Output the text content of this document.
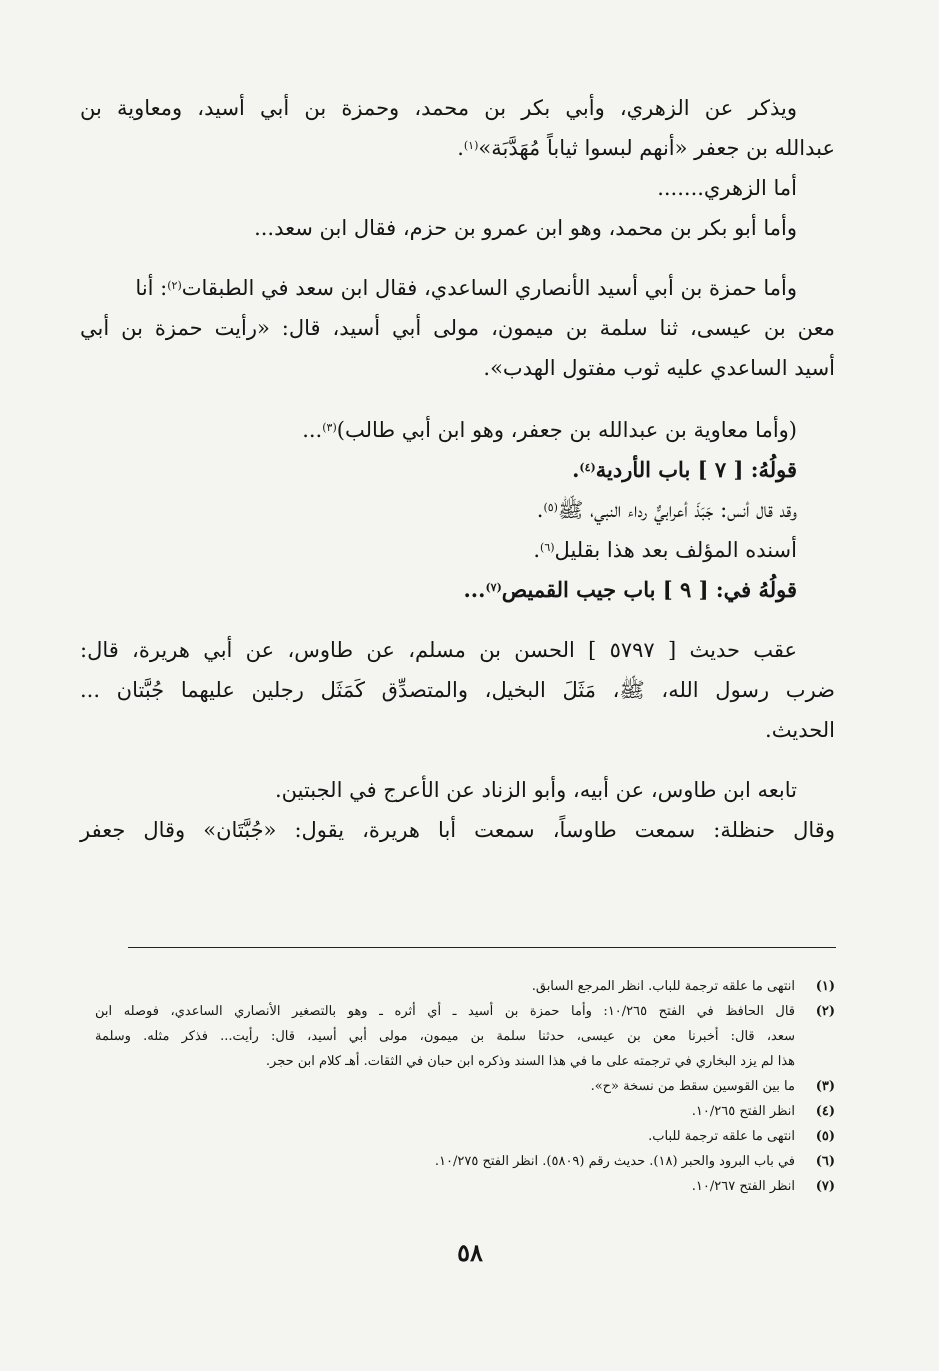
ويذكر عن الزهري، وأبي بكر بن محمد، وحمزة بن أبي أسيد، ومعاوية بن
عبدالله بن جعفر «أنهم لبسوا ثياباً مُهَدَّبَة»$^{(١)}$.
أما الزهري.......
وأما أبو بكر بن محمد، وهو ابن عمرو بن حزم، فقال ابن سعد...
وأما حمزة بن أبي أسيد الأنصاري الساعدي، فقال ابن سعد في الطبقات$^{(٢)}$: أنا
معن بن عيسى، ثنا سلمة بن ميمون، مولى أبي أسيد، قال: «رأيت حمزة بن أبي
أسيد الساعدي عليه ثوب مفتول الهدب».
(وأما معاوية بن عبدالله بن جعفر، وهو ابن أبي طالب)$^{(٣)}$...
قولُهُ: [ ٧ ] باب الأردية$^{(٤)}$.
وقد قال أنس: جَبَذَ أعرابيٌّ رداء النبي، ﷺ$^{(٥)}$.
أسنده المؤلف بعد هذا بقليل$^{(٦)}$.
قولُهُ في: [ ٩ ] باب جيب القميص$^{(٧)}$...
عقب حديث [ ٥٧٩٧ ] الحسن بن مسلم، عن طاوس، عن أبي هريرة، قال:
ضرب رسول الله، ﷺ، مَثَلَ البخيل، والمتصدِّق كَمَثَل رجلين عليهما جُبَّتان ...
الحديث.
تابعه ابن طاوس، عن أبيه، وأبو الزناد عن الأعرج في الجبتين.
وقال حنظلة: سمعت طاوساً، سمعت أبا هريرة، يقول: «جُبَّتَان» وقال جعفر
(١)
انتهى ما علقه ترجمة للباب. انظر المرجع السابق.
(٢)
قال الحافظ في الفتح ١٠/٢٦٥: وأما حمزة بن أسيد ـ أي أثره ـ وهو بالتصغير الأنصاري الساعدي، فوصله ابن
سعد، قال: أخبرنا معن بن عيسى، حدثنا سلمة بن ميمون، مولى أبي أسيد، قال: رأيت... فذكر مثله. وسلمة
هذا لم يزد البخاري في ترجمته على ما في هذا السند وذكره ابن حبان في الثقات. أهـ كلام ابن حجر.
(٣)
ما بين القوسين سقط من نسخة «ح».
(٤)
انظر الفتح ١٠/٢٦٥.
(٥)
انتهى ما علقه ترجمة للباب.
(٦)
في باب البرود والحبر (١٨). حديث رقم (٥٨٠٩). انظر الفتح ١٠/٢٧٥.
(٧)
انظر الفتح ١٠/٢٦٧.
٥٨
